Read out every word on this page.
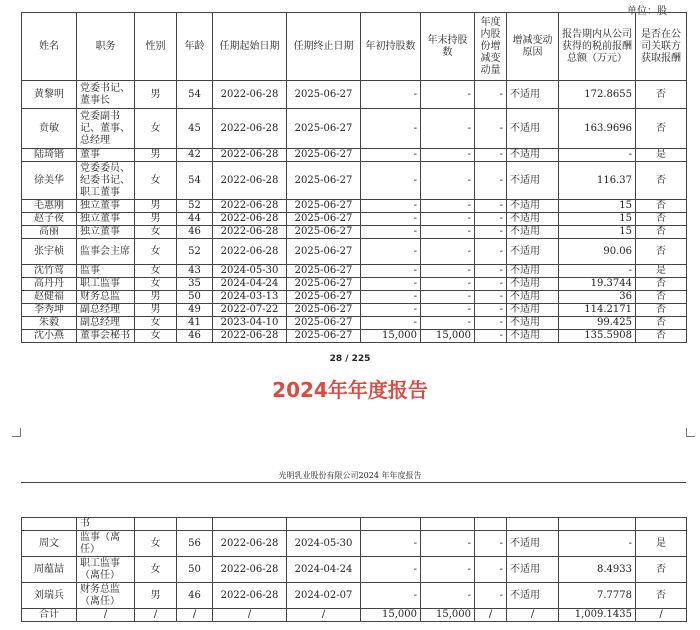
单位：股
姓名	职务	性别	年龄	任期起始日期	任期终止日期	年初持股数	年末持股数	年度内股份增减变动量	增减变动原因	报告期内从公司获得的税前报酬总额（万元）	是否在公司关联方获取报酬
黄黎明	党委书记、董事长	男	54	2022-06-28	2025-06-27	-	-	-	不适用	172.8655	否
贲敏	党委副书记、董事、总经理	女	45	2022-06-28	2025-06-27	-	-	-	不适用	163.9696	否
陆琦锴	董事	男	42	2022-06-28	2025-06-27	-	-	-	不适用	-	是
徐美华	党委委员、纪委书记、职工董事	女	54	2022-06-28	2025-06-27	-	-	-	不适用	116.37	否
毛惠刚	独立董事	男	52	2022-06-28	2025-06-27	-	-	-	不适用	15	否
赵子夜	独立董事	男	44	2022-06-28	2025-06-27	-	-	-	不适用	15	否
高丽	独立董事	女	46	2022-06-28	2025-06-27	-	-	-	不适用	15	否
张宇桢	监事会主席	女	52	2022-06-28	2025-06-27	-	-	-	不适用	90.06	否
沈竹莺	监事	女	43	2024-05-30	2025-06-27	-	-	-	不适用	-	是
高丹丹	职工监事	女	35	2024-04-24	2025-06-27	-	-	-	不适用	19.3744	否
赵健福	财务总监	男	50	2024-03-13	2025-06-27	-	-	-	不适用	36	否
李秀坤	副总经理	男	49	2022-07-22	2025-06-27	-	-	-	不适用	114.2171	否
朱毅	副总经理	女	41	2023-04-10	2025-06-27	-	-	-	不适用	99.425	否
沈小燕	董事会秘书	女	46	2022-06-28	2025-06-27	15,000	15,000	-	不适用	135.5908	否
28 / 225
2024年年度报告
光明乳业股份有限公司2024 年年度报告
	书										
周文	监事（离任）	女	56	2022-06-28	2024-05-30	-	-	-	不适用	-	是
周蕴喆	职工监事（离任）	女	50	2022-06-28	2024-04-24	-	-	-	不适用	8.4933	否
刘瑞兵	财务总监（离任）	男	46	2022-06-28	2024-02-07	-	-	-	不适用	7.7778	否
合计	/	/	/	/	/	15,000	15,000	/	/	1,009.1435	/
